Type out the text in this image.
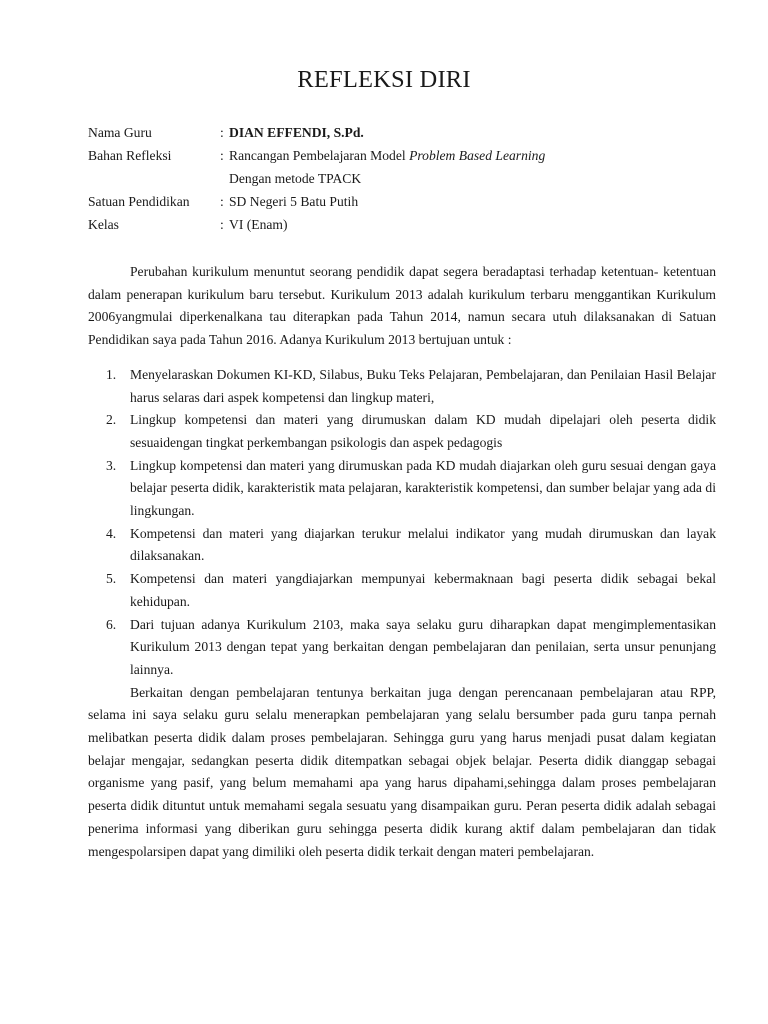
REFLEKSI DIRI
Nama Guru	: DIAN EFFENDI, S.Pd.
Bahan Refleksi	: Rancangan Pembelajaran Model Problem Based Learning
Dengan metode TPACK
Satuan Pendidikan : SD Negeri 5 Batu Putih
Kelas	: VI (Enam)

Perubahan kurikulum menuntut seorang pendidik dapat segera beradaptasi terhadap ketentuan- ketentuan dalam penerapan kurikulum baru tersebut. Kurikulum 2013 adalah kurikulum terbaru menggantikan Kurikulum 2006yangmulai diperkenalkana tau diterapkan pada Tahun 2014, namun secara utuh dilaksanakan di Satuan Pendidikan saya pada Tahun 2016. Adanya Kurikulum 2013 bertujuan untuk :

1. Menyelaraskan Dokumen KI-KD, Silabus, Buku Teks Pelajaran, Pembelajaran, dan Penilaian Hasil Belajar harus selaras dari aspek kompetensi dan lingkup materi,
2. Lingkup kompetensi dan materi yang dirumuskan dalam KD mudah dipelajari oleh peserta didik sesuaidengan tingkat perkembangan psikologis dan aspek pedagogis
3. Lingkup kompetensi dan materi yang dirumuskan pada KD mudah diajarkan oleh guru sesuai dengan gaya belajar peserta didik, karakteristik mata pelajaran, karakteristik kompetensi, dan sumber belajar yang ada di lingkungan.
4. Kompetensi dan materi yang diajarkan terukur melalui indikator yang mudah dirumuskan dan layak dilaksanakan.
5. Kompetensi dan materi yangdiajarkan mempunyai kebermaknaan bagi peserta didik sebagai bekal kehidupan.
6. Dari tujuan adanya Kurikulum 2103, maka saya selaku guru diharapkan dapat mengimplementasikan Kurikulum 2013 dengan tepat yang berkaitan dengan pembelajaran dan penilaian, serta unsur penunjang lainnya.

Berkaitan dengan pembelajaran tentunya berkaitan juga dengan perencanaan pembelajaran atau RPP, selama ini saya selaku guru selalu menerapkan pembelajaran yang selalu bersumber pada guru tanpa pernah melibatkan peserta didik dalam proses pembelajaran. Sehingga guru yang harus menjadi pusat dalam kegiatan belajar mengajar, sedangkan peserta didik ditempatkan sebagai objek belajar. Peserta didik dianggap sebagai organisme yang pasif, yang belum memahami apa yang harus dipahami,sehingga dalam proses pembelajaran peserta didik dituntut untuk memahami segala sesuatu yang disampaikan guru. Peran peserta didik adalah sebagai penerima informasi yang diberikan guru sehingga peserta didik kurang aktif dalam pembelajaran dan tidak mengespolarsipen dapat yang dimiliki oleh peserta didik terkait dengan materi pembelajaran.
